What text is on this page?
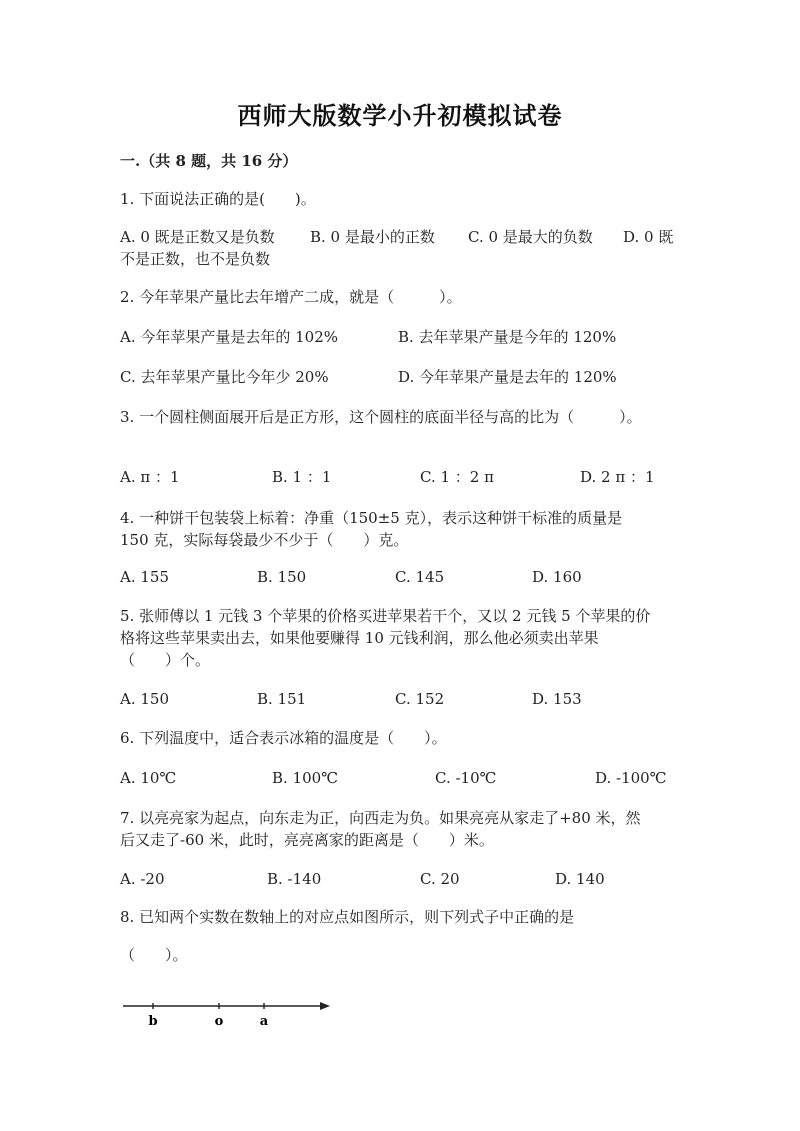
西师大版数学小升初模拟试卷
一.（共 8 题，共 16 分）
1. 下面说法正确的是(　　)。
A. 0 既是正数又是负数 B. 0 是最小的正数 C. 0 是最大的负数 D. 0 既
不是正数，也不是负数
2. 今年苹果产量比去年增产二成，就是（　　　）。
A. 今年苹果产量是去年的 102%	B. 去年苹果产量是今年的 120%
C. 去年苹果产量比今年少 20%	D. 今年苹果产量是去年的 120%
3. 一个圆柱侧面展开后是正方形，这个圆柱的底面半径与高的比为（　　　）。
A. π ：1	B. 1 ：1	C. 1 ：2 π	D. 2 π ：1
4. 一种饼干包装袋上标着：净重（150±5 克），表示这种饼干标准的质量是
150 克，实际每袋最少不少于（　　）克。
A. 155	B. 150	C. 145	D. 160
5. 张师傅以 1 元钱 3 个苹果的价格买进苹果若干个，又以 2 元钱 5 个苹果的价
格将这些苹果卖出去，如果他要赚得 10 元钱利润，那么他必须卖出苹果
（　　）个。
A. 150	B. 151	C. 152	D. 153
6. 下列温度中，适合表示冰箱的温度是（　　）。
A. 10℃	B. 100℃	C. -10℃	D. -100℃
7. 以亮亮家为起点，向东走为正，向西走为负。如果亮亮从家走了+80 米，然
后又走了-60 米，此时，亮亮离家的距离是（　　）米。
A. -20	B. -140	C. 20	D. 140
8. 已知两个实数在数轴上的对应点如图所示，则下列式子中正确的是
（　　）。
b	o	a
